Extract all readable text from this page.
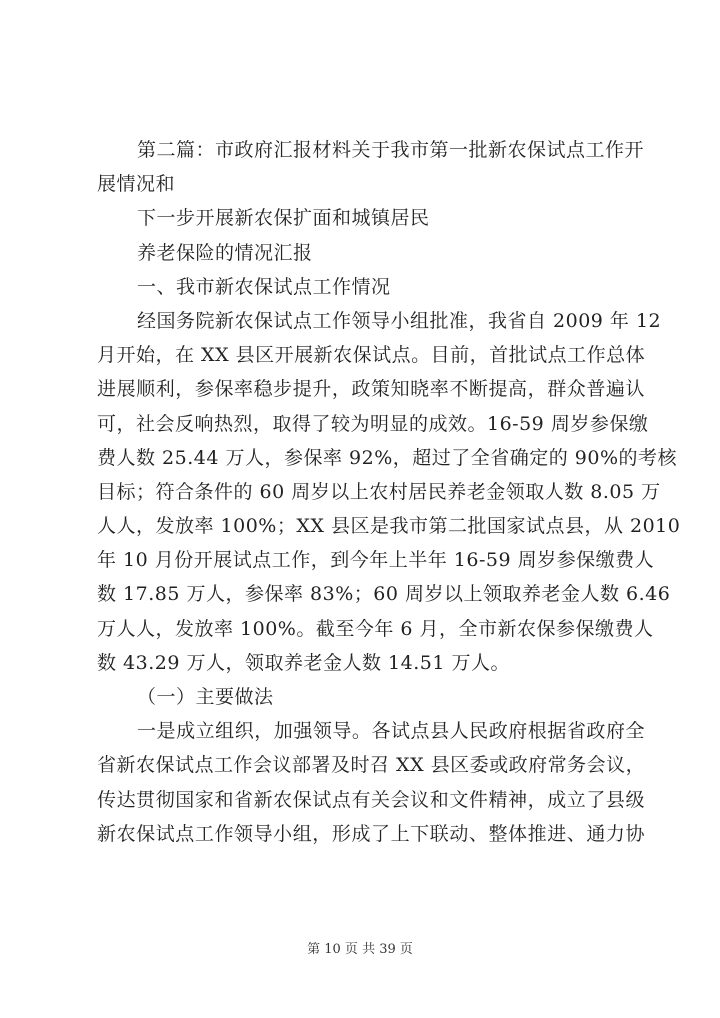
第二篇：市政府汇报材料关于我市第一批新农保试点工作开
展情况和
下一步开展新农保扩面和城镇居民
养老保险的情况汇报
一、我市新农保试点工作情况
经国务院新农保试点工作领导小组批准，我省自 2009 年 12
月开始，在 XX 县区开展新农保试点。目前，首批试点工作总体
进展顺利，参保率稳步提升，政策知晓率不断提高，群众普遍认
可，社会反响热烈，取得了较为明显的成效。16-59 周岁参保缴
费人数 25.44 万人，参保率 92%，超过了全省确定的 90%的考核
目标；符合条件的 60 周岁以上农村居民养老金领取人数 8.05 万
人人，发放率 100%；XX 县区是我市第二批国家试点县，从 2010
年 10 月份开展试点工作，到今年上半年 16-59 周岁参保缴费人
数 17.85 万人，参保率 83%；60 周岁以上领取养老金人数 6.46
万人人，发放率 100%。截至今年 6 月，全市新农保参保缴费人
数 43.29 万人，领取养老金人数 14.51 万人。
（一）主要做法
一是成立组织，加强领导。各试点县人民政府根据省政府全
省新农保试点工作会议部署及时召 XX 县区委或政府常务会议，
传达贯彻国家和省新农保试点有关会议和文件精神，成立了县级
新农保试点工作领导小组，形成了上下联动、整体推进、通力协
第 10 页 共 39 页
